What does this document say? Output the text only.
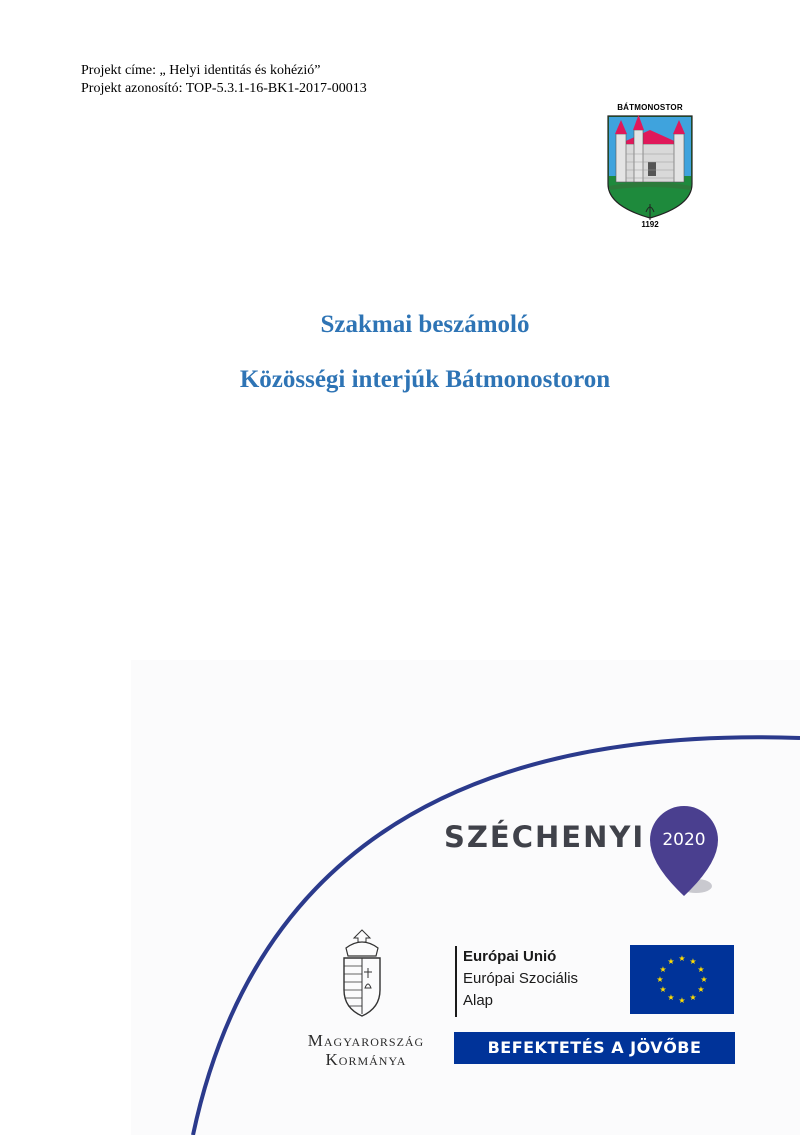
Projekt címe: „ Helyi identitás és kohézió”
Projekt azonosító: TOP-5.3.1-16-BK1-2017-00013
BÁTMONOSTOR
1192
Szakmai beszámoló
Közösségi interjúk Bátmonostoron
SZÉCHENYI 2020
Magyarország
Kormánya
Európai Unió
Európai Szociális
Alap
★ ★
★
★
★
★
★
★
★
★
★
★
BEFEKTETÉS A JÖVŐBE
